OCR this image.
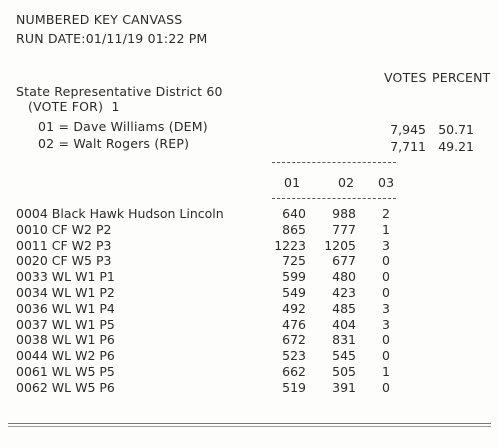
NUMBERED KEY CANVASS
RUN DATE:01/11/19 01:22 PM
VOTES PERCENT
State Representative District 60
(VOTE FOR)  1
01 = Dave Williams (DEM)	7,945 50.71
02 = Walt Rogers (REP)	7,711 49.21
01	02 03
0004 Black Hawk Hudson Lincoln	640	988	2
0010 CF W2 P2	865	777	1
0011 CF W2 P3	1223	1205	3
0020 CF W5 P3	725	677	0
0033 WL W1 P1	599	480	0
0034 WL W1 P2	549	423	0
0036 WL W1 P4	492	485	3
0037 WL W1 P5	476	404	3
0038 WL W1 P6	672	831	0
0044 WL W2 P6	523	545	0
0061 WL W5 P5	662	505	1
0062 WL W5 P6	519	391	0
